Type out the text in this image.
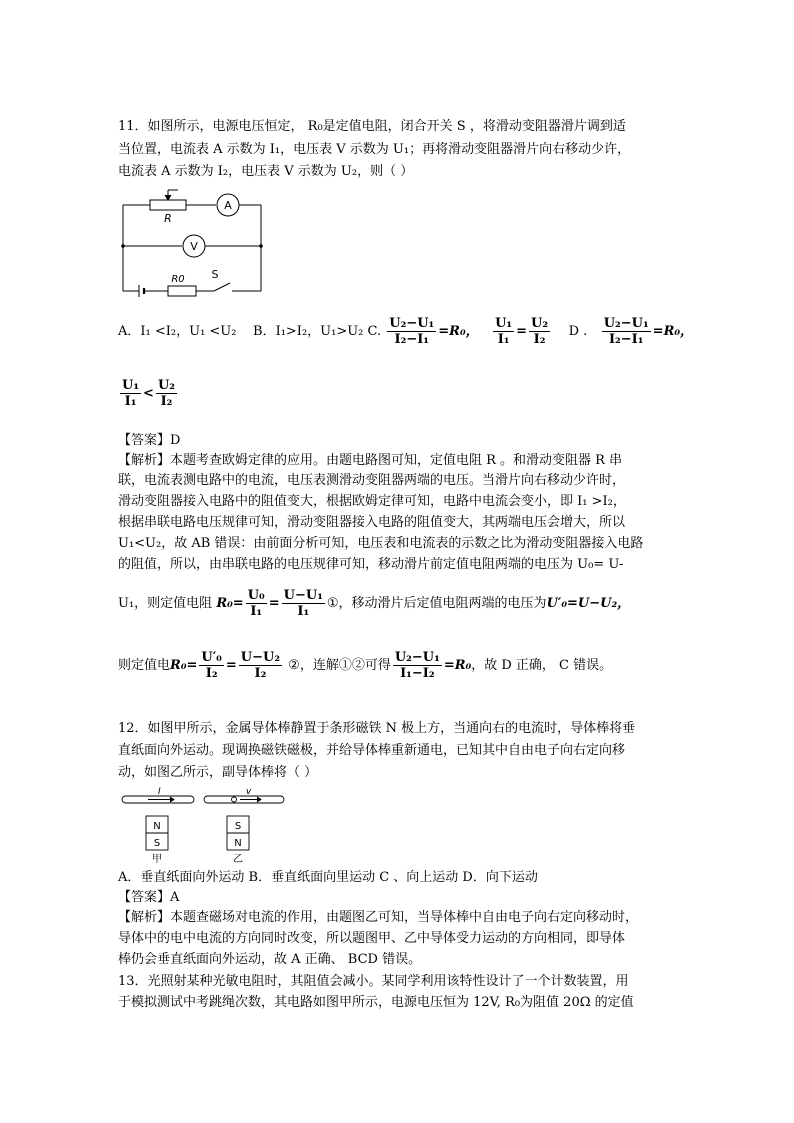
11．如图所示，电源电压恒定， R₀是定值电阻，闭合开关 S ，将滑动变阻器滑片调到适
当位置，电流表 A 示数为 I₁，电压表 V 示数为 U₁；再将滑动变阻器滑片向右移动少许，
电流表 A 示数为 I₂，电压表 V 示数为 U₂，则（ ）
A
V
R
R0 S
A．I₁ <I₂，U₁ <U₂ B．I₁>I₂，U₁>U₂ C. $\frac{\text{U₂−U₁}}{\text{I₂−I₁}} =R_0$， $\frac{\text{U₁}}{\text{I₁}} = \frac{\text{U₂}}{\text{I₂}}$ D . $\frac{\text{U₂−U₁}}{\text{I₂−I₁}} =R_0$，
$\frac{\text{U₁}}{\text{I₁}} < \frac{\text{U₂}}{\text{I₂}}$
【答案】D
【解析】本题考查欧姆定律的应用。由题电路图可知，定值电阻 R 。和滑动变阻器 R 串
联，电流表测电路中的电流，电压表测滑动变阻器两端的电压。当滑片向右移动少许时，
滑动变阻器接入电路中的阻值变大，根据欧姆定律可知，电路中电流会变小，即 I₁ >I₂，
根据串联电路电压规律可知，滑动变阻器接入电路的阻值变大，其两端电压会增大，所以
U₁<U₂，故 AB 错误：由前面分析可知，电压表和电流表的示数之比为滑动变阻器接入电路
的阻值，所以，由串联电路的电压规律可知，移动滑片前定值电阻两端的电压为 U₀= U-
U₁，则定值电阻 $R_0= \frac{\text{U₀}}{\text{I₁}} = \frac{\text{U−U₁}}{\text{I₁}}$ ①，移动滑片后定值电阻两端的电压为U′₀=U−U₂，
则定值电$R_0= \frac{\text{U′₀}}{\text{I₂}} = \frac{\text{U−U₂}}{\text{I₂}}$ ②，连解①②可得 $\frac{\text{U₂−U₁}}{\text{I₁−I₂}} =R_0$，故 D 正确， C 错误。
12．如图甲所示，金属导体棒静置于条形磁铁 N 极上方，当通向右的电流时，导体棒将垂
直纸面向外运动。现调换磁铁磁极，并给导体棒重新通电，已知其中自由电子向右定向移
动，如图乙所示，副导体棒将（ ）
I	v
N
S
S
N
甲	乙
A．垂直纸面向外运动 B．垂直纸面向里运动 C 、向上运动 D．向下运动
【答案】A
【解析】本题查磁场对电流的作用，由题图乙可知，当导体棒中自由电子向右定向移动时，
导体中的电中电流的方向同时改变，所以题图甲、乙中导体受力运动的方向相同，即导体
棒仍会垂直纸面向外运动，故 A 正确、 BCD 错误。
13．光照射某种光敏电阻时，其阻值会减小。某同学利用该特性设计了一个计数装置，用
于模拟测试中考跳绳次数，其电路如图甲所示，电源电压恒为 12V, R₀为阻值 20Ω 的定值
